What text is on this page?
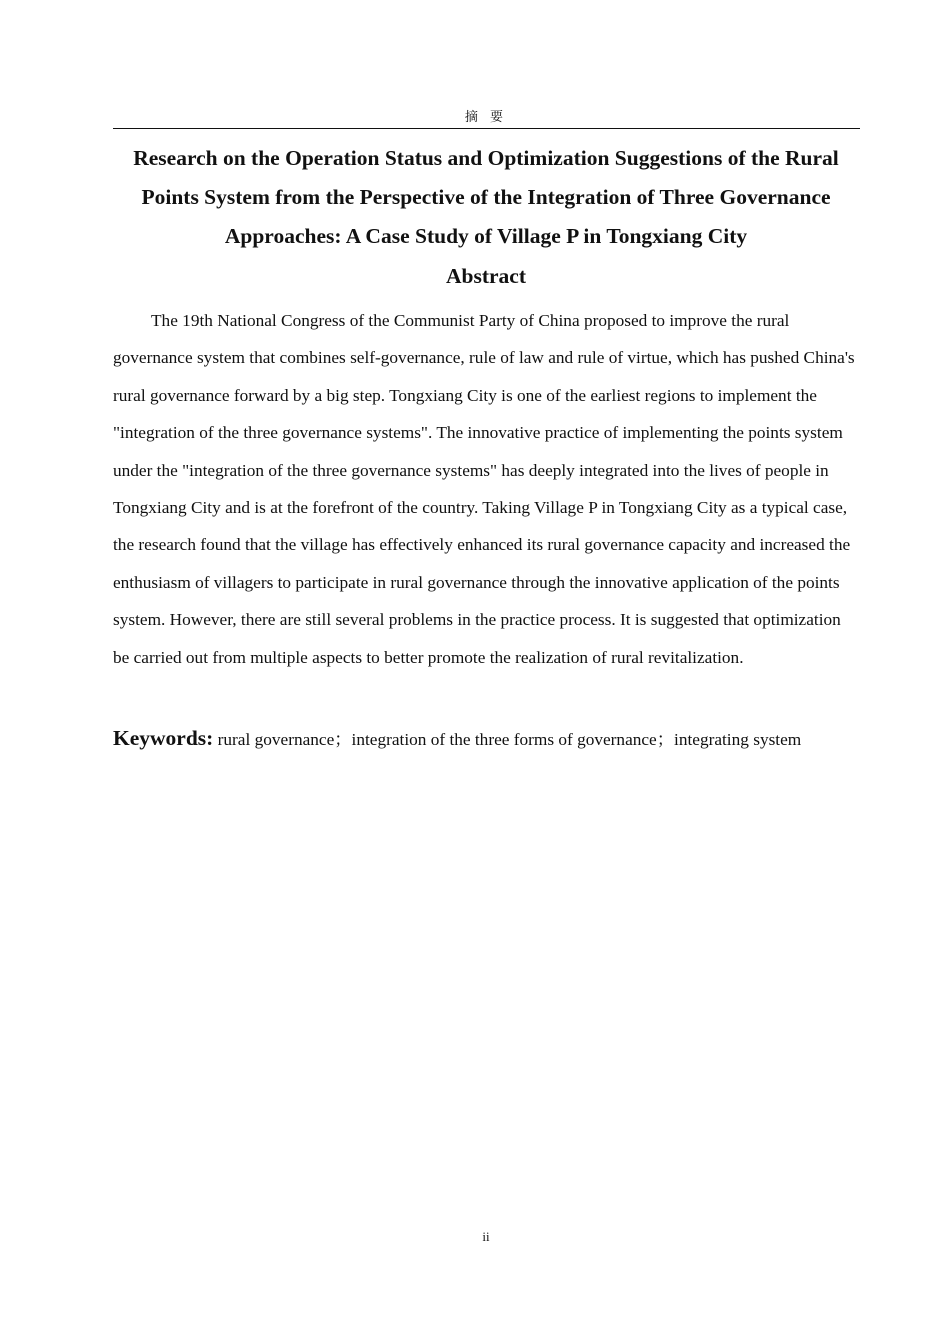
摘 要
Research on the Operation Status and Optimization Suggestions of the Rural Points System from the Perspective of the Integration of Three Governance Approaches: A Case Study of Village P in Tongxiang City
Abstract

The 19th National Congress of the Communist Party of China proposed to improve the rural governance system that combines self-governance, rule of law and rule of virtue, which has pushed China's rural governance forward by a big step. Tongxiang City is one of the earliest regions to implement the "integration of the three governance systems". The innovative practice of implementing the points system under the "integration of the three governance systems" has deeply integrated into the lives of people in Tongxiang City and is at the forefront of the country. Taking Village P in Tongxiang City as a typical case, the research found that the village has effectively enhanced its rural governance capacity and increased the enthusiasm of villagers to participate in rural governance through the innovative application of the points system. However, there are still several problems in the practice process. It is suggested that optimization be carried out from multiple aspects to better promote the realization of rural revitalization.

Keywords: rural governance；integration of the three forms of governance；integrating system

ii
